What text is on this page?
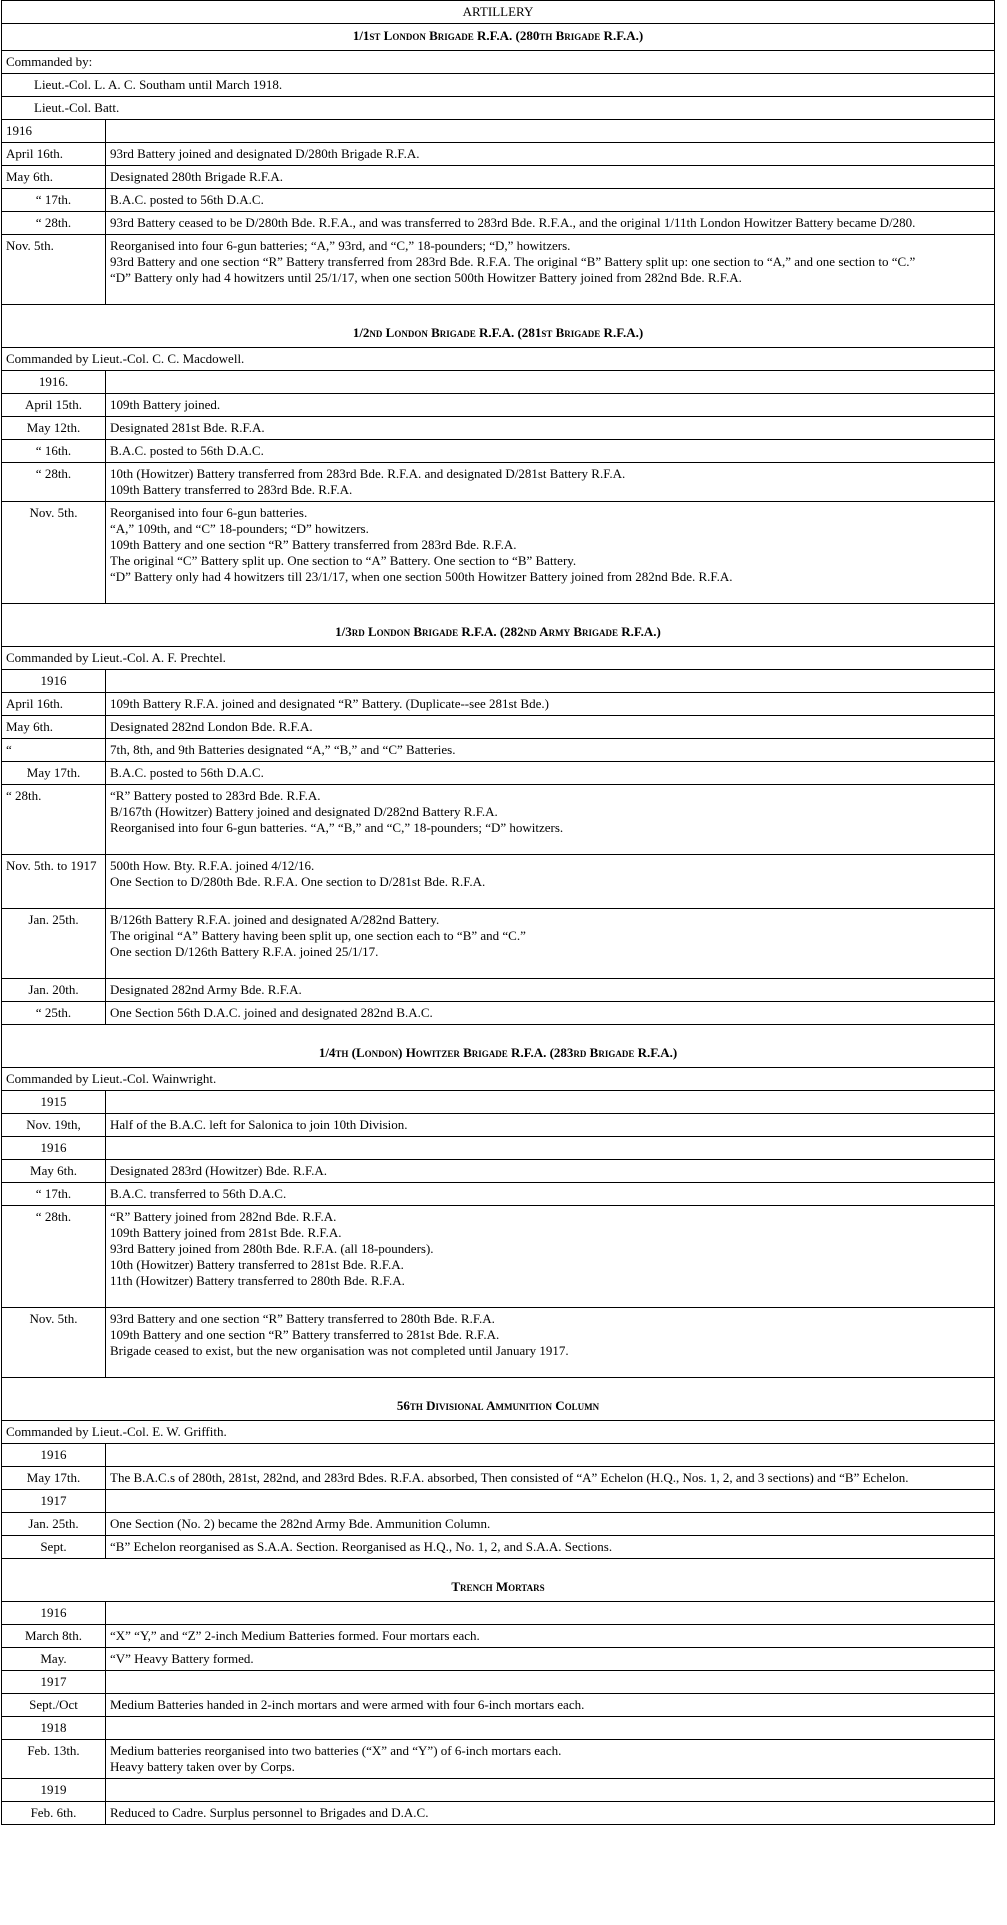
ARTILLERY	
1/1st London Brigade R.F.A. (280th Brigade R.F.A.)	
Commanded by:	
Lieut.-Col. L. A. C. Southam until March 1918.	
Lieut.-Col. Batt.	
1916	
April 16th.	93rd Battery joined and designated D/280th Brigade R.F.A.

May 6th.	Designated 280th Brigade R.F.A.

“ 17th.	B.A.C. posted to 56th D.A.C.

“ 28th.	93rd Battery ceased to be D/280th Bde. R.F.A., and was transferred to 283rd Bde. R.F.A., and the original 1/11th London Howitzer Battery became D/280.

Nov. 5th.	Reorganised into four 6-gun batteries; “A,” 93rd, and “C,” 18-pounders; “D,” howitzers.
93rd Battery and one section “R” Battery transferred from 283rd Bde. R.F.A. The original “B” Battery split up: one section to “A,” and one section to “C.”
“D” Battery only had 4 howitzers until 25/1/17, when one section 500th Howitzer Battery joined from 282nd Bde. R.F.A.

1/2nd London Brigade R.F.A. (281st Brigade R.F.A.)	
Commanded by Lieut.-Col. C. C. Macdowell.	
1916.	
April 15th.	109th Battery joined.

May 12th.	Designated 281st Bde. R.F.A.

“ 16th.	B.A.C. posted to 56th D.A.C.

“ 28th.	10th (Howitzer) Battery transferred from 283rd Bde. R.F.A. and designated D/281st Battery R.F.A.
109th Battery transferred to 283rd Bde. R.F.A.

Nov. 5th.	Reorganised into four 6-gun batteries.
“A,” 109th, and “C” 18-pounders; “D” howitzers.
109th Battery and one section “R” Battery transferred from 283rd Bde. R.F.A.
The original “C” Battery split up. One section to “A” Battery. One section to “B” Battery.
“D” Battery only had 4 howitzers till 23/1/17, when one section 500th Howitzer Battery joined from 282nd Bde. R.F.A.

1/3rd London Brigade R.F.A. (282nd Army Brigade R.F.A.)	
Commanded by Lieut.-Col. A. F. Prechtel.	
1916	
April 16th.	109th Battery R.F.A. joined and designated “R” Battery. (Duplicate--see 281st Bde.)

May 6th.	Designated 282nd London Bde. R.F.A.

“	7th, 8th, and 9th Batteries designated “A,” “B,” and “C” Batteries.

May 17th.	B.A.C. posted to 56th D.A.C.

“ 28th.	“R” Battery posted to 283rd Bde. R.F.A.
B/167th (Howitzer) Battery joined and designated D/282nd Battery R.F.A.
Reorganised into four 6-gun batteries. “A,” “B,” and “C,” 18-pounders; “D” howitzers.

Nov. 5th. to 1917	500th How. Bty. R.F.A. joined 4/12/16.
One Section to D/280th Bde. R.F.A. One section to D/281st Bde. R.F.A.

Jan. 25th.	B/126th Battery R.F.A. joined and designated A/282nd Battery.
The original “A” Battery having been split up, one section each to “B” and “C.”
One section D/126th Battery R.F.A. joined 25/1/17.

Jan. 20th.	Designated 282nd Army Bde. R.F.A.

“ 25th.	One Section 56th D.A.C. joined and designated 282nd B.A.C.

1/4th (London) Howitzer Brigade R.F.A. (283rd Brigade R.F.A.)	
Commanded by Lieut.-Col. Wainwright.	
1915	
Nov. 19th,	Half of the B.A.C. left for Salonica to join 10th Division.

1916	
May 6th.	Designated 283rd (Howitzer) Bde. R.F.A.

“ 17th.	B.A.C. transferred to 56th D.A.C.

“ 28th.	“R” Battery joined from 282nd Bde. R.F.A.
109th Battery joined from 281st Bde. R.F.A.
93rd Battery joined from 280th Bde. R.F.A. (all 18-pounders).
10th (Howitzer) Battery transferred to 281st Bde. R.F.A.
11th (Howitzer) Battery transferred to 280th Bde. R.F.A.

Nov. 5th.	93rd Battery and one section “R” Battery transferred to 280th Bde. R.F.A.
109th Battery and one section “R” Battery transferred to 281st Bde. R.F.A.
Brigade ceased to exist, but the new organisation was not completed until January 1917.

56th Divisional Ammunition Column	
Commanded by Lieut.-Col. E. W. Griffith.	
1916	
May 17th.	The B.A.C.s of 280th, 281st, 282nd, and 283rd Bdes. R.F.A. absorbed, Then consisted of “A” Echelon (H.Q., Nos. 1, 2, and 3 sections) and “B” Echelon.

1917	
Jan. 25th.	One Section (No. 2) became the 282nd Army Bde. Ammunition Column.

Sept.	“B” Echelon reorganised as S.A.A. Section. Reorganised as H.Q., No. 1, 2, and S.A.A. Sections.

Trench Mortars	
1916	
March 8th.	“X” “Y,” and “Z” 2-inch Medium Batteries formed. Four mortars each.

May.	“V” Heavy Battery formed.

1917	
Sept./Oct	Medium Batteries handed in 2-inch mortars and were armed with four 6-inch mortars each.

1918	
Feb. 13th.	Medium batteries reorganised into two batteries (“X” and “Y”) of 6-inch mortars each.
Heavy battery taken over by Corps.

1919	
Feb. 6th.	Reduced to Cadre. Surplus personnel to Brigades and D.A.C.
